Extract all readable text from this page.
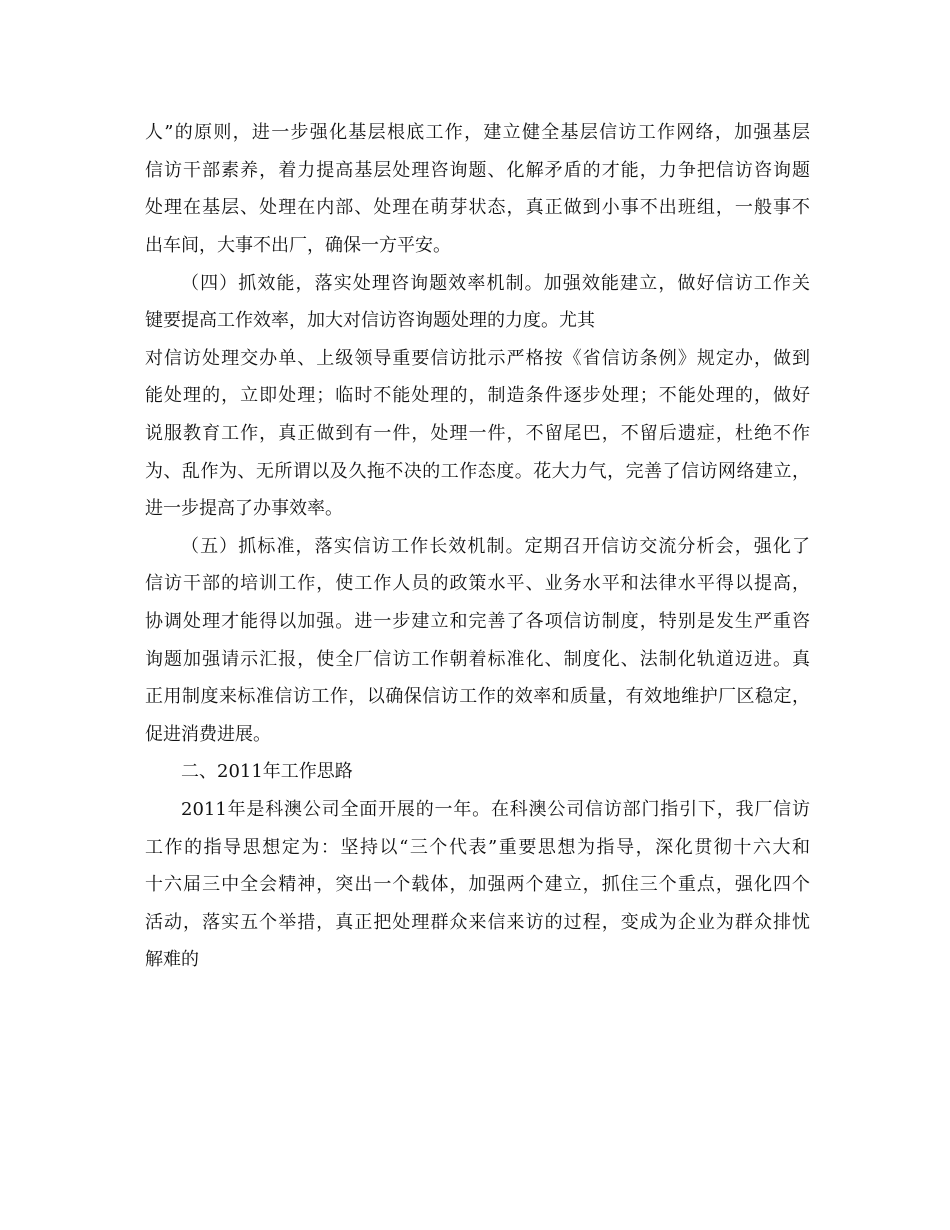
人”的原则，进一步强化基层根底工作，建立健全基层信访工作网络，加强基层
信访干部素养，着力提高基层处理咨询题、化解矛盾的才能，力争把信访咨询题
处理在基层、处理在内部、处理在萌芽状态，真正做到小事不出班组，一般事不
出车间，大事不出厂，确保一方平安。
（四）抓效能，落实处理咨询题效率机制。加强效能建立，做好信访工作关
键要提高工作效率，加大对信访咨询题处理的力度。尤其
对信访处理交办单、上级领导重要信访批示严格按《省信访条例》规定办，做到
能处理的，立即处理；临时不能处理的，制造条件逐步处理；不能处理的，做好
说服教育工作，真正做到有一件，处理一件，不留尾巴，不留后遗症，杜绝不作
为、乱作为、无所谓以及久拖不决的工作态度。花大力气，完善了信访网络建立，
进一步提高了办事效率。
（五）抓标准，落实信访工作长效机制。定期召开信访交流分析会，强化了
信访干部的培训工作，使工作人员的政策水平、业务水平和法律水平得以提高，
协调处理才能得以加强。进一步建立和完善了各项信访制度，特别是发生严重咨
询题加强请示汇报，使全厂信访工作朝着标准化、制度化、法制化轨道迈进。真
正用制度来标准信访工作，以确保信访工作的效率和质量，有效地维护厂区稳定，
促进消费进展。
二、2011年工作思路
2011年是科澳公司全面开展的一年。在科澳公司信访部门指引下，我厂信访
工作的指导思想定为：坚持以“三个代表”重要思想为指导，深化贯彻十六大和
十六届三中全会精神，突出一个载体，加强两个建立，抓住三个重点，强化四个
活动，落实五个举措，真正把处理群众来信来访的过程，变成为企业为群众排忧
解难的
